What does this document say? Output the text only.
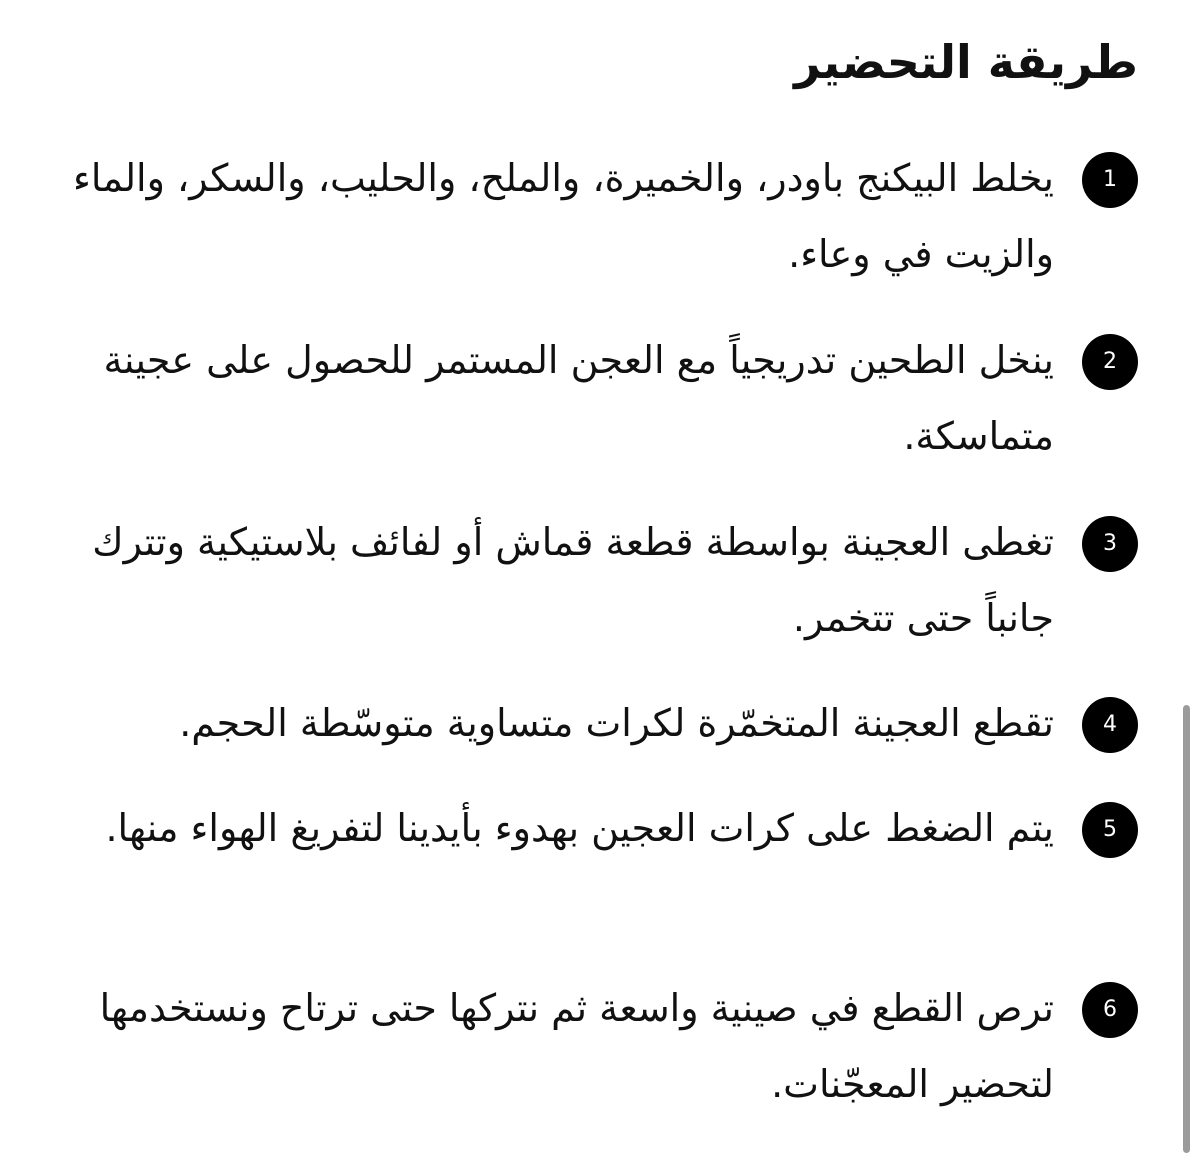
طريقة التحضير
1
يخلط البيكنج باودر، والخميرة، والملح، والحليب، والسكر، والماء والزيت في وعاء.
2
ينخل الطحين تدريجياً مع العجن المستمر للحصول على عجينة متماسكة.
3
تغطى العجينة بواسطة قطعة قماش أو لفائف بلاستيكية وتترك جانباً حتى تتخمر.
4
تقطع العجينة المتخمّرة لكرات متساوية متوسّطة الحجم.
5
يتم الضغط على كرات العجين بهدوء بأيدينا لتفريغ الهواء منها.
6
ترص القطع في صينية واسعة ثم نتركها حتى ترتاح ونستخدمها لتحضير المعجّنات.
